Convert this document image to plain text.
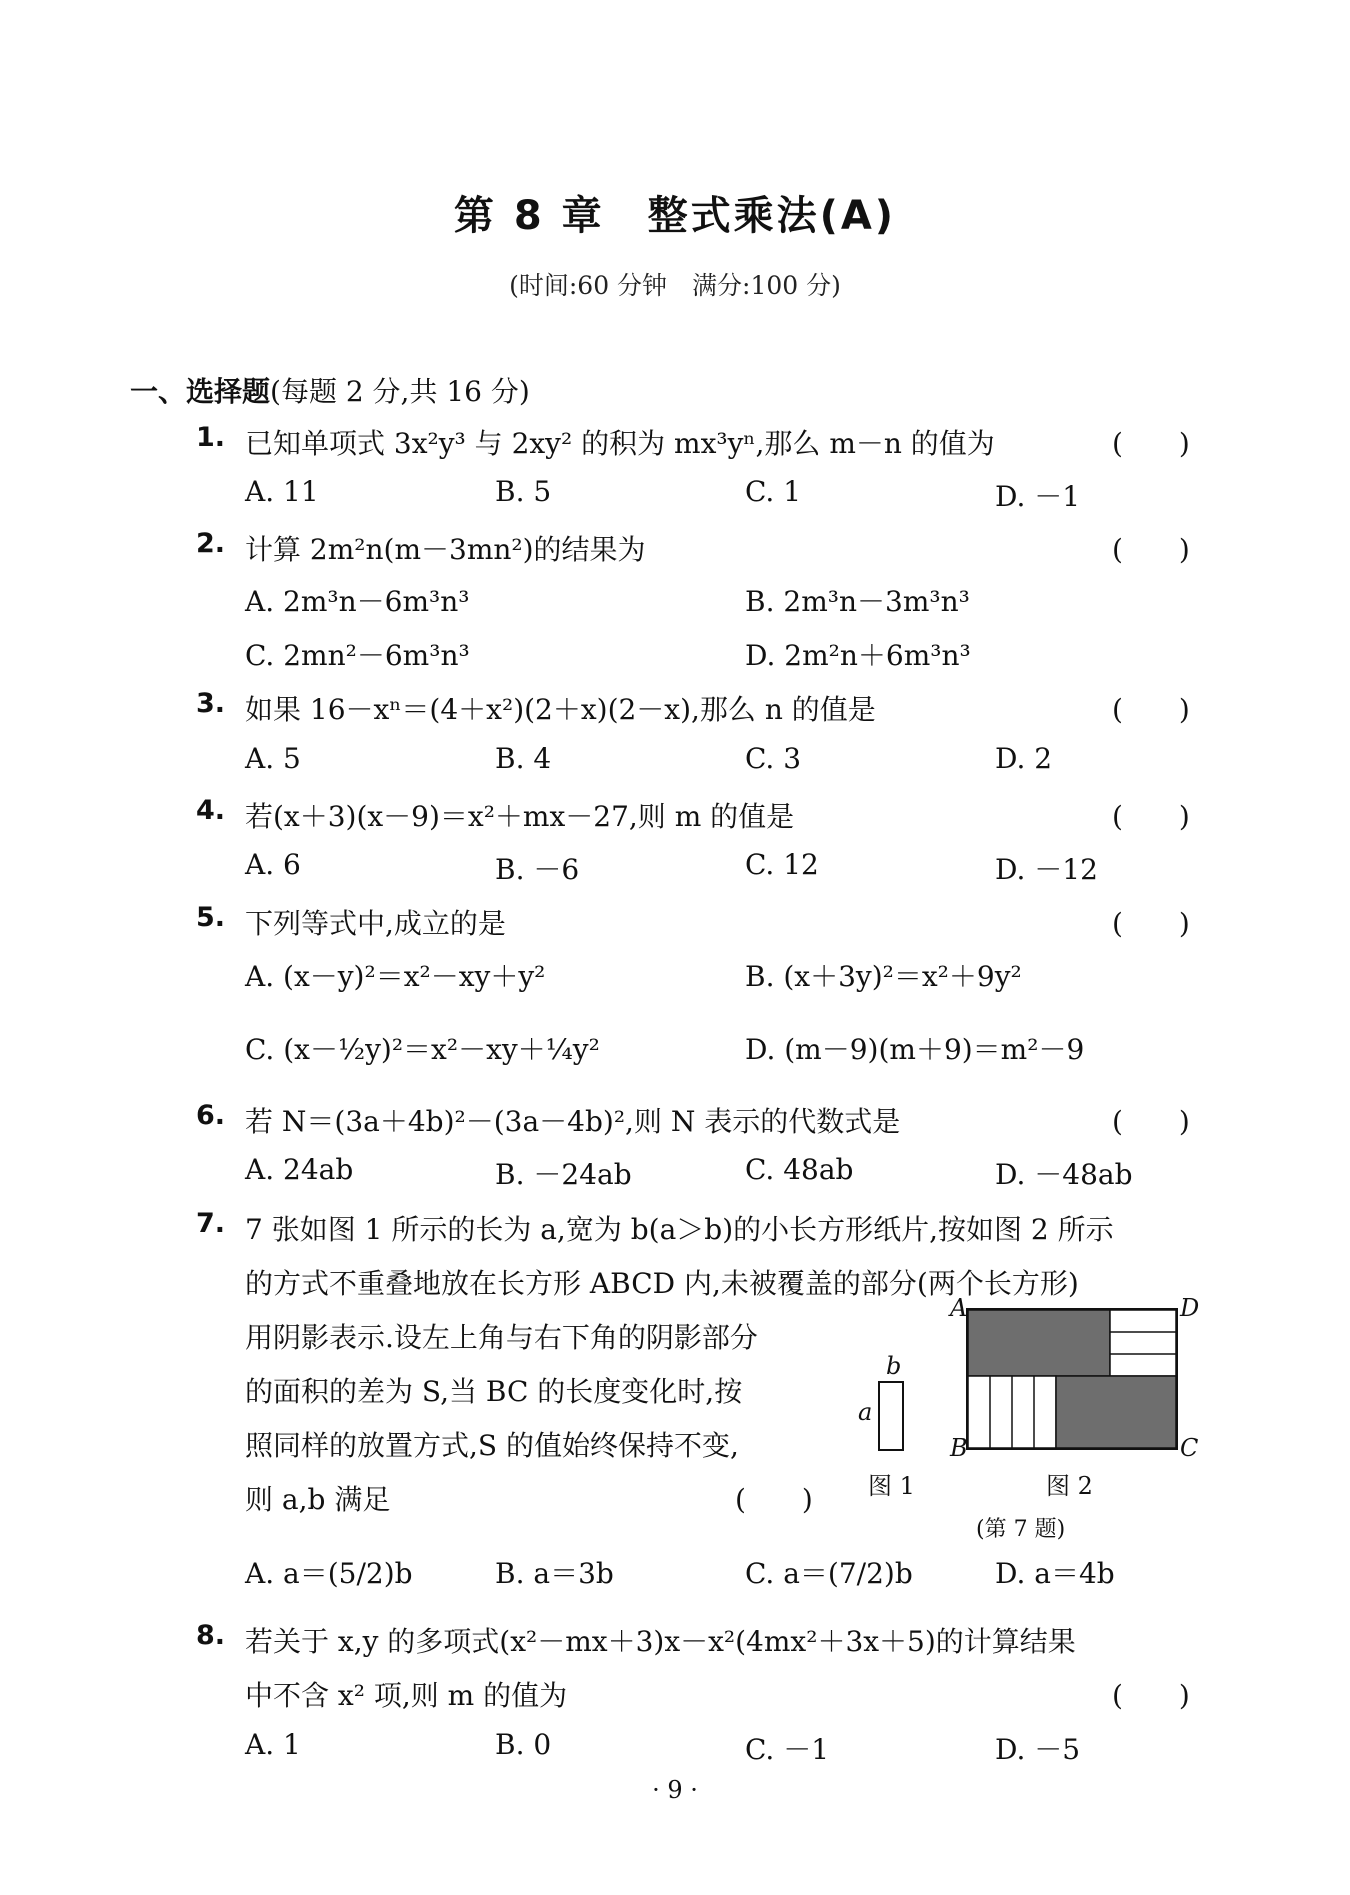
第 8 章　整式乘法(A)
(时间:60 分钟　满分:100 分)
一、选择题(每题 2 分,共 16 分)
1. 已知单项式 3x²y³ 与 2xy² 的积为 mx³yⁿ,那么 m－n 的值为	(　　)
A. 11	B. 5	C. 1	D. －1
2. 计算 2m²n(m－3mn²)的结果为	(　　)
A. 2m³n－6m³n³	B. 2m³n－3m³n³
C. 2mn²－6m³n³	D. 2m²n＋6m³n³
3. 如果 16－xⁿ＝(4＋x²)(2＋x)(2－x),那么 n 的值是	(　　)
A. 5	B. 4	C. 3	D. 2
4. 若(x＋3)(x－9)＝x²＋mx－27,则 m 的值是	(　　)
A. 6	B. －6	C. 12	D. －12
5. 下列等式中,成立的是	(　　)
A. (x－y)²＝x²－xy＋y²	B. (x＋3y)²＝x²＋9y²
C. (x－½y)²＝x²－xy＋¼y²	D. (m－9)(m＋9)＝m²－9
6. 若 N＝(3a＋4b)²－(3a－4b)²,则 N 表示的代数式是	(　　)
A. 24ab	B. －24ab	C. 48ab	D. －48ab
7. 7 张如图 1 所示的长为 a,宽为 b(a＞b)的小长方形纸片,按如图 2 所示
的方式不重叠地放在长方形 ABCD 内,未被覆盖的部分(两个长方形)
用阴影表示.设左上角与右下角的阴影部分
的面积的差为 S,当 BC 的长度变化时,按
照同样的放置方式,S 的值始终保持不变,
则 a,b 满足	(　　)
b
a
图 1
A	D
B	C
图 2
(第 7 题)
A. a＝(5/2)b	B. a＝3b	C. a＝(7/2)b	D. a＝4b
8. 若关于 x,y 的多项式(x²－mx＋3)x－x²(4mx²＋3x＋5)的计算结果
中不含 x² 项,则 m 的值为	(　　)
A. 1	B. 0	C. －1	D. －5
· 9 ·
